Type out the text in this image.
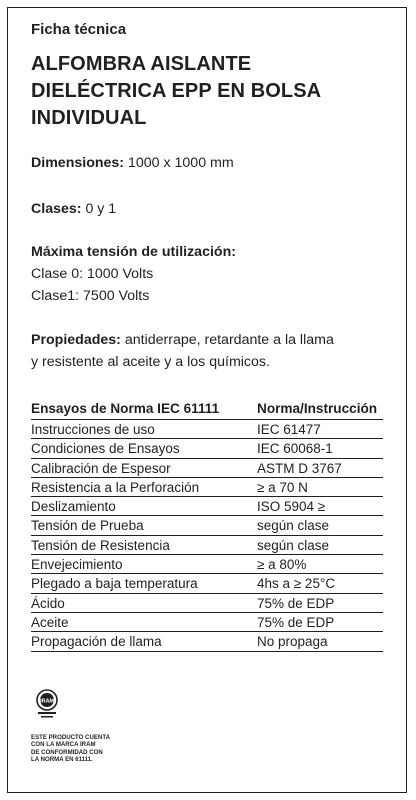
Ficha técnica
ALFOMBRA AISLANTE
DIELÉCTRICA EPP EN BOLSA
INDIVIDUAL
Dimensiones: 1000 x 1000 mm
Clases: 0 y 1
Máxima tensión de utilización:
Clase 0: 1000 Volts
Clase1: 7500 Volts
Propiedades: antiderrape, retardante a la llama
y resistente al aceite y a los químicos.
Ensayos de Norma IEC 61111	Norma/Instrucción
Instrucciones de uso	IEC 61477
Condiciones de Ensayos	IEC 60068-1
Calibración de Espesor	ASTM D 3767
Resistencia a la Perforación	≥ a 70 N
Deslizamiento	ISO 5904 ≥
Tensión de Prueba	según clase
Tensión de Resistencia	según clase
Envejecimiento	≥ a 80%
Plegado a baja temperatura	4hs a ≥ 25°C
Ácido	75% de EDP
Aceite	75% de EDP
Propagación de llama	No propaga
IRAM
ESTE PRODUCTO CUENTA
CON LA MARCA IRAM
DE CONFORMIDAD CON
LA NORMA EN 61111.
